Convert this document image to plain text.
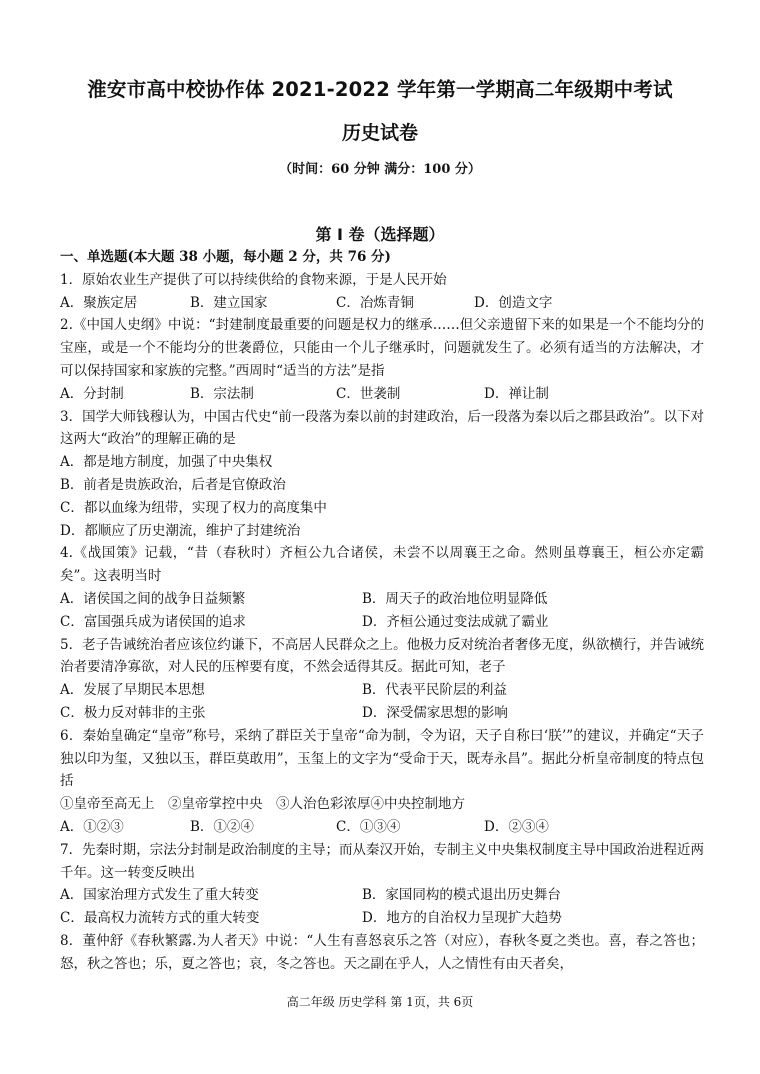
淮安市高中校协作体 2021-2022 学年第一学期高二年级期中考试
历史试卷
（时间：60 分钟 满分：100 分）
第 I 卷（选择题）

一、单选题(本大题 38 小题，每小题 2 分，共 76 分)

1．原始农业生产提供了可以持续供给的食物来源，于是人民开始

A．聚族定居	B．建立国家	C．冶炼青铜	D．创造文字

2.《中国人史纲》中说：“封建制度最重要的问题是权力的继承……但父亲遗留下来的如果是一个不能均分的宝座，或是一个不能均分的世袭爵位，只能由一个儿子继承时，问题就发生了。必须有适当的方法解决，才可以保持国家和家族的完整。”西周时“适当的方法”是指

A．分封制	B．宗法制	C．世袭制	D．禅让制

3．国学大师钱穆认为，中国古代史“前一段落为秦以前的封建政治，后一段落为秦以后之郡县政治”。以下对这两大“政治”的理解正确的是

A．都是地方制度，加强了中央集权

B．前者是贵族政治，后者是官僚政治

C．都以血缘为纽带，实现了权力的高度集中

D．都顺应了历史潮流，维护了封建统治

4.《战国策》记载，“昔（春秋时）齐桓公九合诸侯，未尝不以周襄王之命。然则虽尊襄王，桓公亦定霸矣”。这表明当时

A．诸侯国之间的战争日益频繁	B．周天子的政治地位明显降低
C．富国强兵成为诸侯国的追求	D．齐桓公通过变法成就了霸业

5．老子告诫统治者应该位约谦下，不高居人民群众之上。他极力反对统治者奢侈无度，纵欲横行，并告诫统治者要清净寡欲，对人民的压榨要有度，不然会适得其反。据此可知，老子

A．发展了早期民本思想	B．代表平民阶层的利益
C．极力反对韩非的主张	D．深受儒家思想的影响

6．秦始皇确定“皇帝”称号，采纳了群臣关于皇帝“命为制，令为诏，天子自称曰‘朕’”的建议，并确定“天子独以印为玺，又独以玉，群臣莫敢用”，玉玺上的文字为“受命于天，既寿永昌”。据此分析皇帝制度的特点包括

①皇帝至高无上　②皇帝掌控中央　③人治色彩浓厚④中央控制地方

A．①②③	B．①②④	C．①③④	D．②③④

7．先秦时期，宗法分封制是政治制度的主导；而从秦汉开始，专制主义中央集权制度主导中国政治进程近两千年。这一转变反映出

A．国家治理方式发生了重大转变	B．家国同构的模式退出历史舞台
C．最高权力流转方式的重大转变	D．地方的自治权力呈现扩大趋势

8．董仲舒《春秋繁露.为人者天》中说：“人生有喜怒哀乐之答（对应），春秋冬夏之类也。喜，春之答也；怒，秋之答也；乐，夏之答也；哀，冬之答也。天之副在乎人，人之情性有由天者矣，

高二年级 历史学科 第 1页，共 6页
